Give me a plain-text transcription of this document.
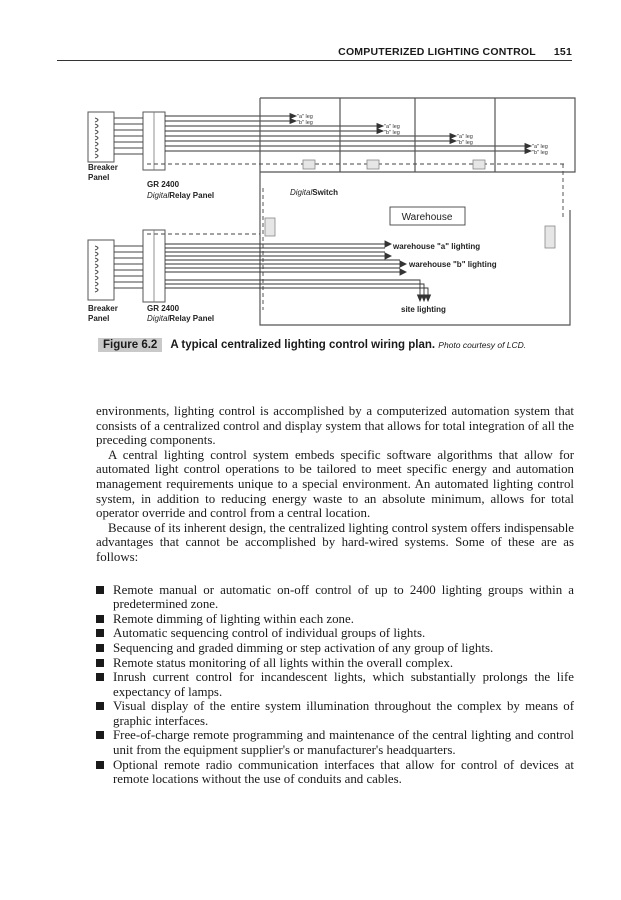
COMPUTERIZED LIGHTING CONTROL 151
"a" leg
"b" leg
"a" leg
"b" leg
"a" leg
"b" leg
"a" leg
"b" leg
Breaker Panel
GR 2400
DigitalRelay Panel	DigitalSwitch
Warehouse
warehouse "a" lighting
warehouse "b" lighting
site lighting
Breaker Panel
GR 2400
DigitalRelay Panel
Figure 6.2 A typical centralized lighting control wiring plan. Photo courtesy of LCD.

environments, lighting control is accomplished by a computerized automation system that consists of a centralized control and display system that allows for total integration of all the preceding components.

A central lighting control system embeds specific software algorithms that allow for automated light control operations to be tailored to meet specific energy and automation management requirements unique to a special environment. An automated lighting control system, in addition to reducing energy waste to an absolute minimum, allows for total operator override and control from a central location.

Because of its inherent design, the centralized lighting control system offers indispensable advantages that cannot be accomplished by hard-wired systems. Some of these are as follows:

Remote manual or automatic on-off control of up to 2400 lighting groups within a predetermined zone.
Remote dimming of lighting within each zone.
Automatic sequencing control of individual groups of lights.
Sequencing and graded dimming or step activation of any group of lights.
Remote status monitoring of all lights within the overall complex.
Inrush current control for incandescent lights, which substantially prolongs the life expectancy of lamps.
Visual display of the entire system illumination throughout the complex by means of graphic interfaces.
Free-of-charge remote programming and maintenance of the central lighting and control unit from the equipment supplier's or manufacturer's headquarters.
Optional remote radio communication interfaces that allow for control of devices at remote locations without the use of conduits and cables.
